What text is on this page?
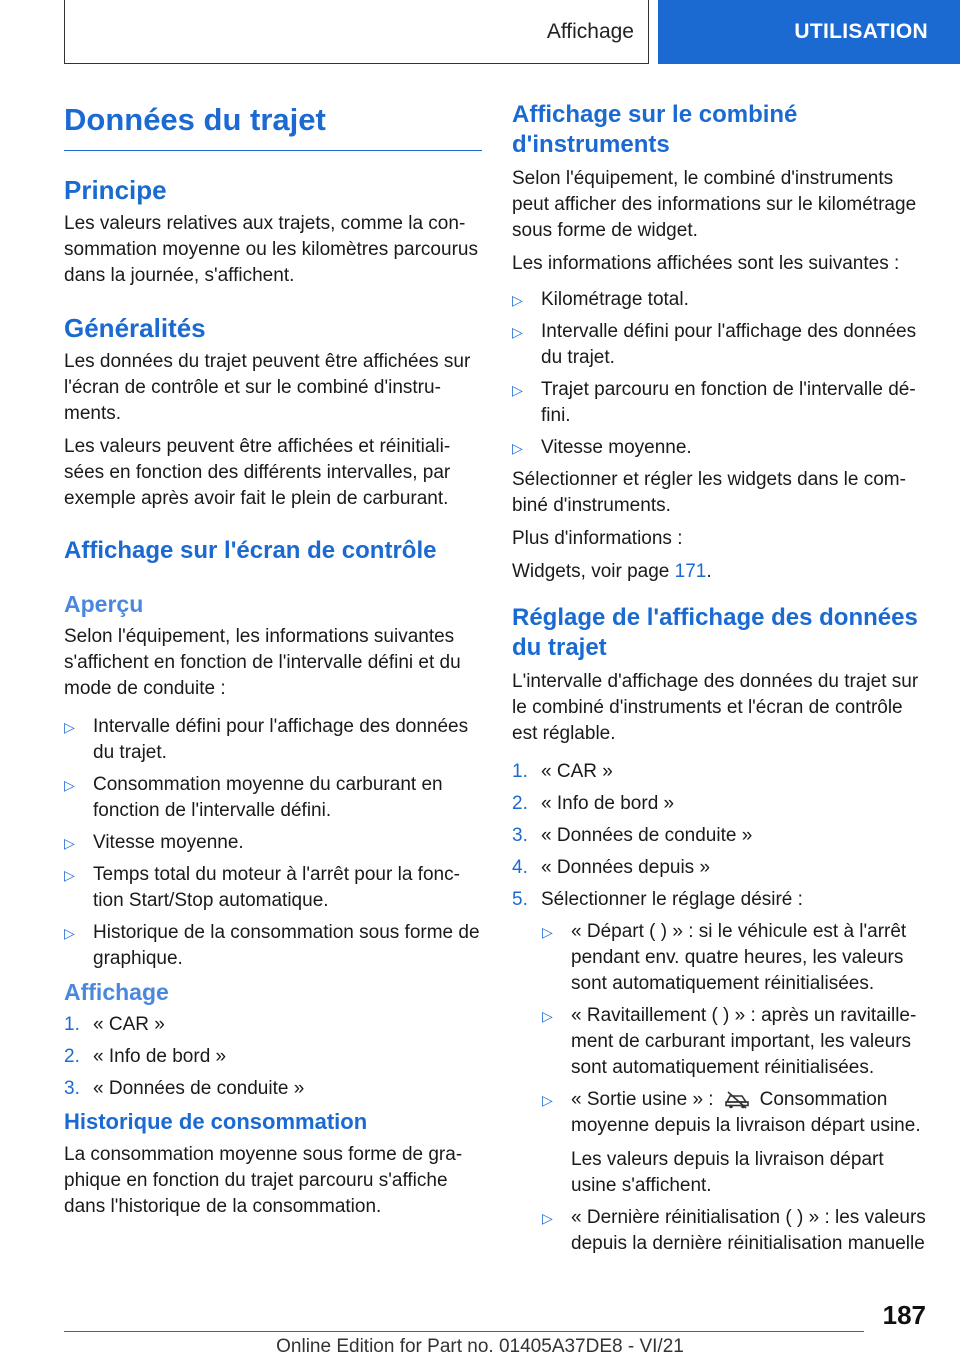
Affichage	UTILISATION
Données du trajet
Principe

Les valeurs relatives aux trajets, comme la consommation moyenne ou les kilomètres parcourus dans la journée, s'affichent.

Généralités

Les données du trajet peuvent être affichées sur l'écran de contrôle et sur le combiné d'instruments.

Les valeurs peuvent être affichées et réinitialisées en fonction des différents intervalles, par exemple après avoir fait le plein de carburant.

Affichage sur l'écran de contrôle
Aperçu

Selon l'équipement, les informations suivantes s'affichent en fonction de l'intervalle défini et du mode de conduite :

▷ Intervalle défini pour l'affichage des données du trajet.
▷ Consommation moyenne du carburant en fonction de l'intervalle défini.
▷ Vitesse moyenne.
▷ Temps total du moteur à l'arrêt pour la fonction Start/Stop automatique.
▷ Historique de la consommation sous forme de graphique.
Affichage
1. « CAR »
2. « Info de bord »
3. « Données de conduite »
Historique de consommation

La consommation moyenne sous forme de graphique en fonction du trajet parcouru s'affiche dans l'historique de la consommation.

Affichage sur le combiné d'instruments

Selon l'équipement, le combiné d'instruments peut afficher des informations sur le kilométrage sous forme de widget.

Les informations affichées sont les suivantes :

▷ Kilométrage total.
▷ Intervalle défini pour l'affichage des données du trajet.
▷ Trajet parcouru en fonction de l'intervalle défini.
▷ Vitesse moyenne.

Sélectionner et régler les widgets dans le combiné d'instruments.

Plus d'informations :

Widgets, voir page 171.

Réglage de l'affichage des données du trajet

L'intervalle d'affichage des données du trajet sur le combiné d'instruments et l'écran de contrôle est réglable.

1. « CAR »
2. « Info de bord »
3. « Données de conduite »
4. « Données depuis »
5. Sélectionner le réglage désiré :
▷ « Départ ( ) » : si le véhicule est à l'arrêt pendant env. quatre heures, les valeurs sont automatiquement réinitialisées.
▷ « Ravitaillement ( ) » : après un ravitaillement de carburant important, les valeurs sont automatiquement réinitialisées.
▷ « Sortie usine » : Consommation moyenne depuis la livraison départ usine.
Les valeurs depuis la livraison départ usine s'affichent.
▷ « Dernière réinitialisation ( ) » : les valeurs depuis la dernière réinitialisation manuelle
187
Online Edition for Part no. 01405A37DE8 - VI/21
